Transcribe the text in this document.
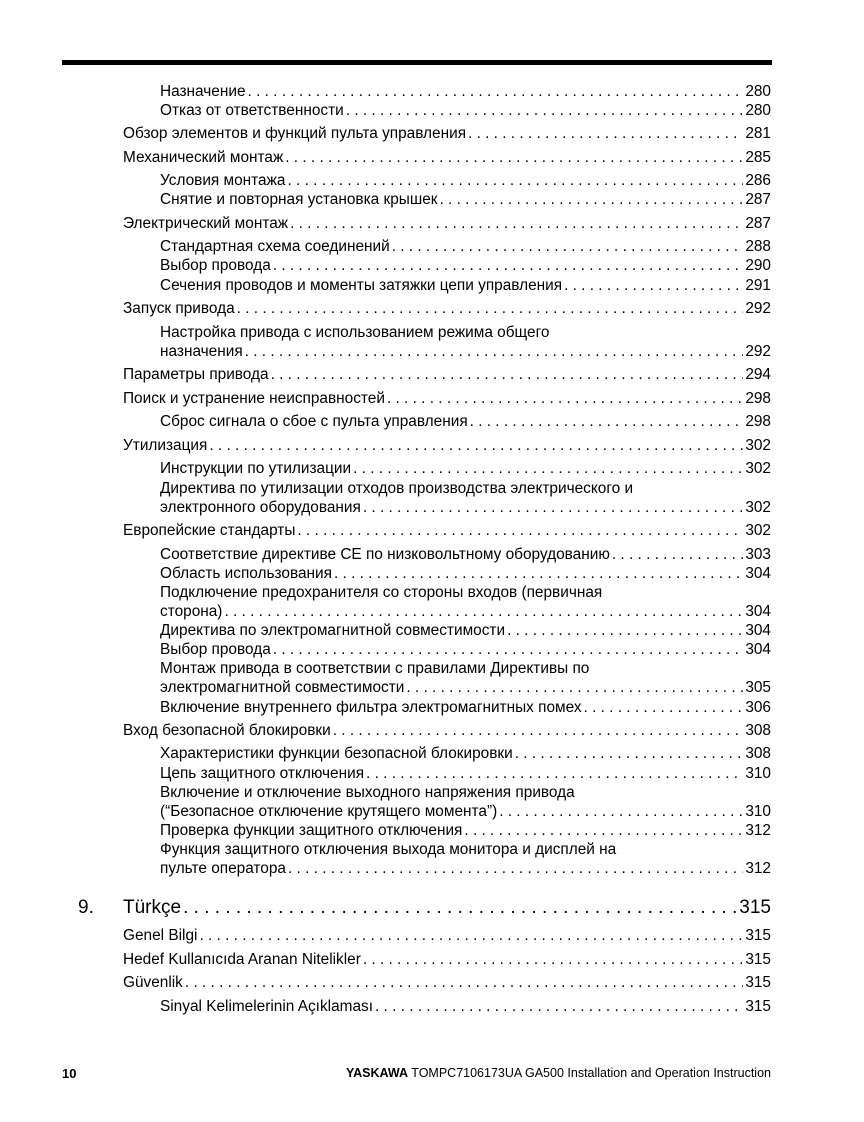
Назначение . . .	280
Отказ от ответственности . . .	280
Обзор элементов и функций пульта управления . . .	281
Механический монтаж . . .	285
Условия монтажа . . .	286
Снятие и повторная установка крышек . . .	287
Электрический монтаж . . .	287
Стандартная схема соединений . . .	288
Выбор провода . . .	290
Сечения проводов и моменты затяжки цепи управления . . .	291
Запуск привода . . .	292
Настройка привода с использованием режима общего
назначения . . .	292
Параметры привода . . .	294
Поиск и устранение неисправностей . . .	298
Сброс сигнала о сбое с пульта управления . . .	298
Утилизация . . .	302
Инструкции по утилизации . . .	302
Директива по утилизации отходов производства электрического и
электронного оборудования . . .	302
Европейские стандарты . . .	302
Соответствие директиве CE по низковольтному оборудованию . . .	303
Область использования . . .	304
Подключение предохранителя со стороны входов (первичная
сторона) . . .	304
Директива по электромагнитной совместимости . . .	304
Выбор провода . . .	304
Монтаж привода в соответствии с правилами Директивы по
электромагнитной совместимости . . .	305
Включение внутреннего фильтра электромагнитных помех . . .	306
Вход безопасной блокировки . . .	308
Характеристики функции безопасной блокировки . . .	308
Цепь защитного отключения . . .	310
Включение и отключение выходного напряжения привода
(“Безопасное отключение крутящего момента”) . . .	310
Проверка функции защитного отключения . . .	312
Функция защитного отключения выхода монитора и дисплей на
пульте оператора . . .	312
9.	Türkçe . . .	315
Genel Bilgi . . .	315
Hedef Kullanıcıda Aranan Nitelikler . . .	315
Güvenlik . . .	315
Sinyal Kelimelerinin Açıklaması . . .	315
10	YASKAWA TOMPC7106173UA GA500 Installation and Operation Instruction
